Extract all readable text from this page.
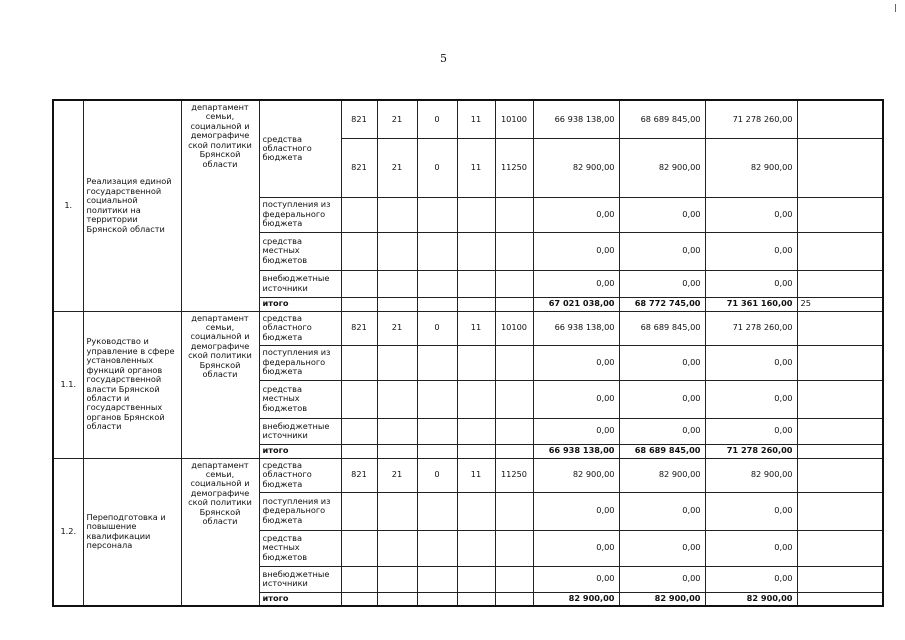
5
1.	Реализация единой государственной социальной политики на территории Брянской области	департамент семьи, социальной и демографиче ской политики Брянской области	средства областного бюджета	821	21	0	11	10100	66 938 138,00	68 689 845,00	71 278 260,00	
				821	21	0	11	11250	82 900,00	82 900,00	82 900,00	
			поступления из федерального бюджета						0,00	0,00	0,00	
			средства местных бюджетов						0,00	0,00	0,00	
			внебюджетные источники						0,00	0,00	0,00	
			итого						67 021 038,00	68 772 745,00	71 361 160,00	25
1.1.	Руководство и управление в сфере установленных функций органов государственной власти Брянской области и государственных органов Брянской области	департамент семьи, социальной и демографиче ской политики Брянской области	средства областного бюджета	821	21	0	11	10100	66 938 138,00	68 689 845,00	71 278 260,00	
			поступления из федерального бюджета						0,00	0,00	0,00	
			средства местных бюджетов						0,00	0,00	0,00	
			внебюджетные источники						0,00	0,00	0,00	
			итого						66 938 138,00	68 689 845,00	71 278 260,00	
1.2.	Переподготовка и повышение квалификации персонала	департамент семьи, социальной и демографиче ской политики Брянской области	средства областного бюджета	821	21	0	11	11250	82 900,00	82 900,00	82 900,00	
			поступления из федерального бюджета						0,00	0,00	0,00	
			средства местных бюджетов						0,00	0,00	0,00	
			внебюджетные источники						0,00	0,00	0,00	
			итого						82 900,00	82 900,00	82 900,00	
